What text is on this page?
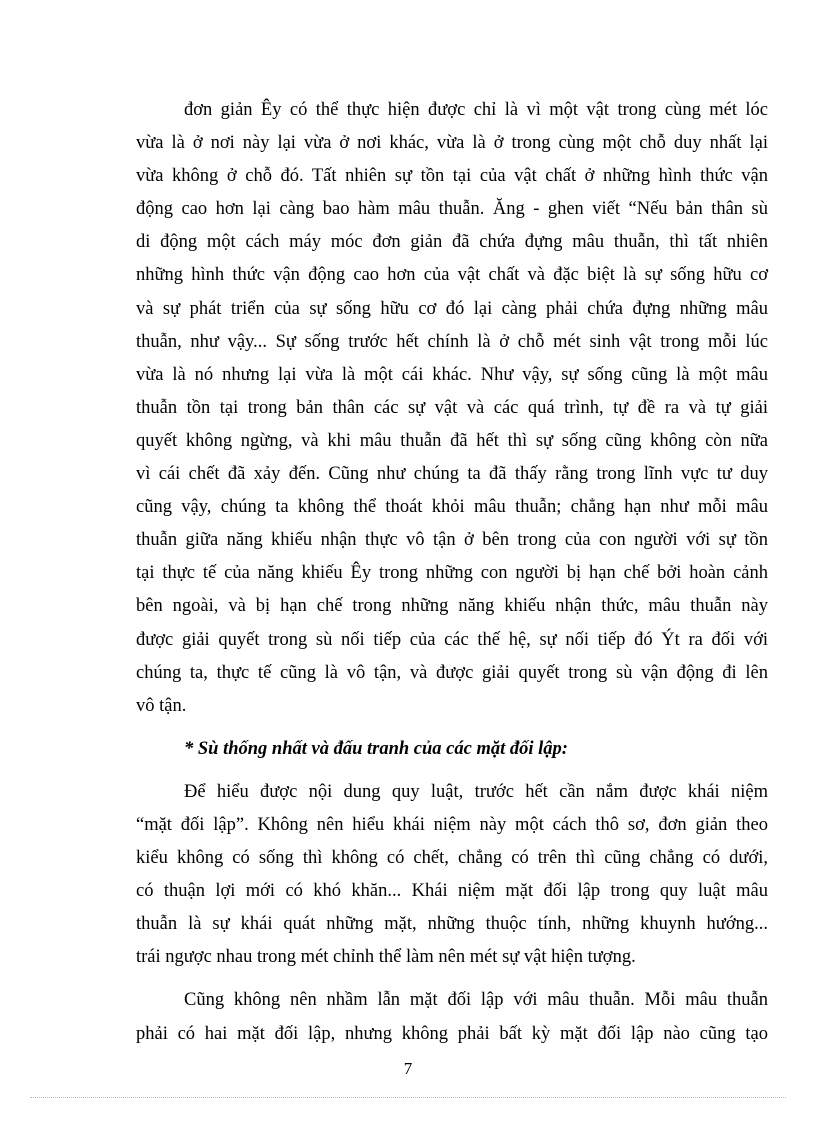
đơn giản Êy có thể thực hiện được chỉ là vì một vật trong cùng mét lóc
vừa là ở nơi này lại vừa ở nơi khác, vừa là ở trong cùng một chỗ duy nhất lại
vừa không ở chỗ đó. Tất nhiên sự tồn tại của vật chất ở những hình thức vận
động cao hơn lại càng bao hàm mâu thuẫn. Ăng - ghen viết “Nếu bản thân sù
di động một cách máy móc đơn giản đã chứa đựng mâu thuẫn, thì tất nhiên
những hình thức vận động cao hơn của vật chất và đặc biệt là sự sống hữu cơ
và sự phát triển của sự sống hữu cơ đó lại càng phải chứa đựng những mâu
thuẫn, như vậy... Sự sống trước hết chính là ở chỗ mét sinh vật trong mỗi lúc
vừa là nó nhưng lại vừa là một cái khác. Như vậy, sự sống cũng là một mâu
thuẫn tồn tại trong bản thân các sự vật và các quá trình, tự đề ra và tự giải
quyết không ngừng, và khi mâu thuẫn đã hết thì sự sống cũng không còn nữa
vì cái chết đã xảy đến. Cũng như chúng ta đã thấy rằng trong lĩnh vực tư duy
cũng vậy, chúng ta không thể thoát khỏi mâu thuẫn; chẳng hạn như mỗi mâu
thuẫn giữa năng khiếu nhận thực vô tận ở bên trong của con người với sự tồn
tại thực tế của năng khiếu Êy trong những con người bị hạn chế bởi hoàn cảnh
bên ngoài, và bị hạn chế trong những năng khiếu nhận thức, mâu thuẫn này
được giải quyết trong sù nối tiếp của các thế hệ, sự nối tiếp đó Ýt ra đối với
chúng ta, thực tế cũng là vô tận, và được giải quyết trong sù vận động đi lên
vô tận.
* Sù thống nhất và đấu tranh của các mặt đối lập:
Để hiểu được nội dung quy luật, trước hết cần nắm được khái niệm
“mặt đối lập”. Không nên hiểu khái niệm này một cách thô sơ, đơn giản theo
kiểu không có sống thì không có chết, chẳng có trên thì cũng chẳng có dưới,
có thuận lợi mới có khó khăn... Khái niệm mặt đối lập trong quy luật mâu
thuẫn là sự khái quát những mặt, những thuộc tính, những khuynh hướng...
trái ngược nhau trong mét chỉnh thể làm nên mét sự vật hiện tượng.
Cũng không nên nhầm lẫn mặt đối lập với mâu thuẫn. Mỗi mâu thuẫn
phải có hai mặt đối lập, nhưng không phải bất kỳ mặt đối lập nào cũng tạo
7
